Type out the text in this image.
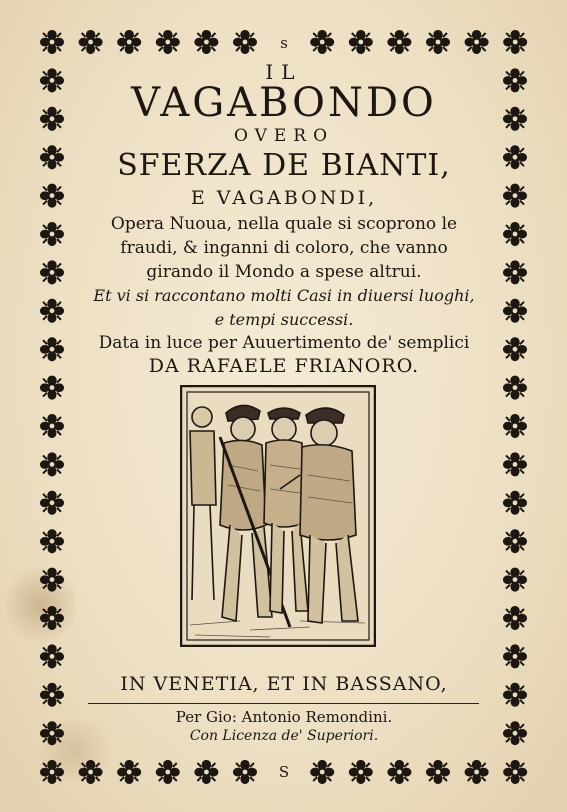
s
IL
VAGABONDO
OVERO
SFERZA DE BIANTI,
E VAGABONDI,
Opera Nuoua, nella quale si scoprono le
fraudi, & inganni di coloro, che vanno
girando il Mondo a spese altrui.
Et vi si raccontano molti Casi in diuersi luoghi,
e tempi successi.
Data in luce per Auuertimento de' semplici
DA RAFAELE FRIANORO.
IN VENETIA, ET IN BASSANO,
Per Gio: Antonio Remondini.
Con Licenza de' Superiori.
S
